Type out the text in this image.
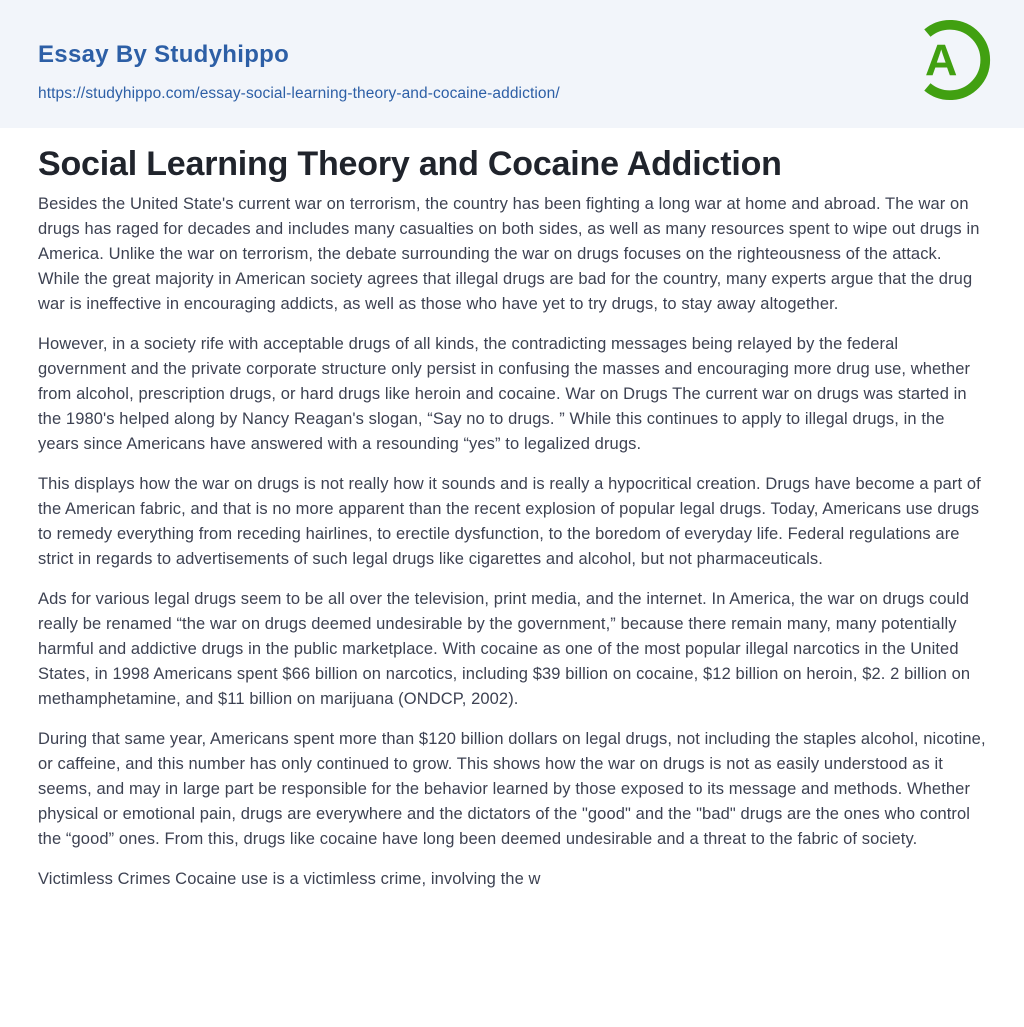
Essay By Studyhippo
https://studyhippo.com/essay-social-learning-theory-and-cocaine-addiction/
A
Social Learning Theory and Cocaine Addiction

Besides the United State's current war on terrorism, the country has been fighting a long war at home and abroad. The war on drugs has raged for decades and includes many casualties on both sides, as well as many resources spent to wipe out drugs in America. Unlike the war on terrorism, the debate surrounding the war on drugs focuses on the righteousness of the attack. While the great majority in American society agrees that illegal drugs are bad for the country, many experts argue that the drug war is ineffective in encouraging addicts, as well as those who have yet to try drugs, to stay away altogether.

However, in a society rife with acceptable drugs of all kinds, the contradicting messages being relayed by the federal government and the private corporate structure only persist in confusing the masses and encouraging more drug use, whether from alcohol, prescription drugs, or hard drugs like heroin and cocaine. War on Drugs The current war on drugs was started in the 1980's helped along by Nancy Reagan's slogan, “Say no to drugs. ” While this continues to apply to illegal drugs, in the years since Americans have answered with a resounding “yes” to legalized drugs.

This displays how the war on drugs is not really how it sounds and is really a hypocritical creation. Drugs have become a part of the American fabric, and that is no more apparent than the recent explosion of popular legal drugs. Today, Americans use drugs to remedy everything from receding hairlines, to erectile dysfunction, to the boredom of everyday life. Federal regulations are strict in regards to advertisements of such legal drugs like cigarettes and alcohol, but not pharmaceuticals.

Ads for various legal drugs seem to be all over the television, print media, and the internet. In America, the war on drugs could really be renamed “the war on drugs deemed undesirable by the government,” because there remain many, many potentially harmful and addictive drugs in the public marketplace. With cocaine as one of the most popular illegal narcotics in the United States, in 1998 Americans spent $66 billion on narcotics, including $39 billion on cocaine, $12 billion on heroin, $2. 2 billion on methamphetamine, and $11 billion on marijuana (ONDCP, 2002).

During that same year, Americans spent more than $120 billion dollars on legal drugs, not including the staples alcohol, nicotine, or caffeine, and this number has only continued to grow. This shows how the war on drugs is not as easily understood as it seems, and may in large part be responsible for the behavior learned by those exposed to its message and methods. Whether physical or emotional pain, drugs are everywhere and the dictators of the "good" and the "bad" drugs are the ones who control the “good” ones. From this, drugs like cocaine have long been deemed undesirable and a threat to the fabric of society.

Victimless Crimes Cocaine use is a victimless crime, involving the w
